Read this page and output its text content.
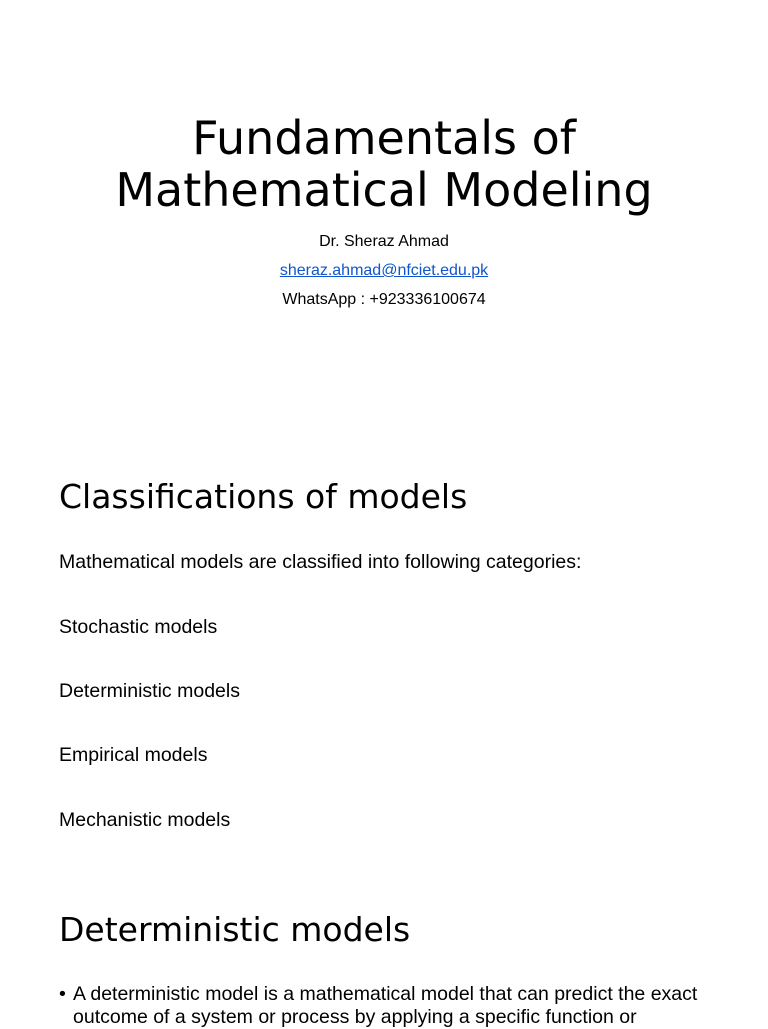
Fundamentals of
Mathematical Modeling
Dr. Sheraz Ahmad
sheraz.ahmad@nfciet.edu.pk
WhatsApp : +923336100674
Classifications of models
Mathematical models are classified into following categories:
Stochastic models
Deterministic models
Empirical models
Mechanistic models
Deterministic models
• A deterministic model is a mathematical model that can predict the exact outcome of a system or process by applying a specific function or
